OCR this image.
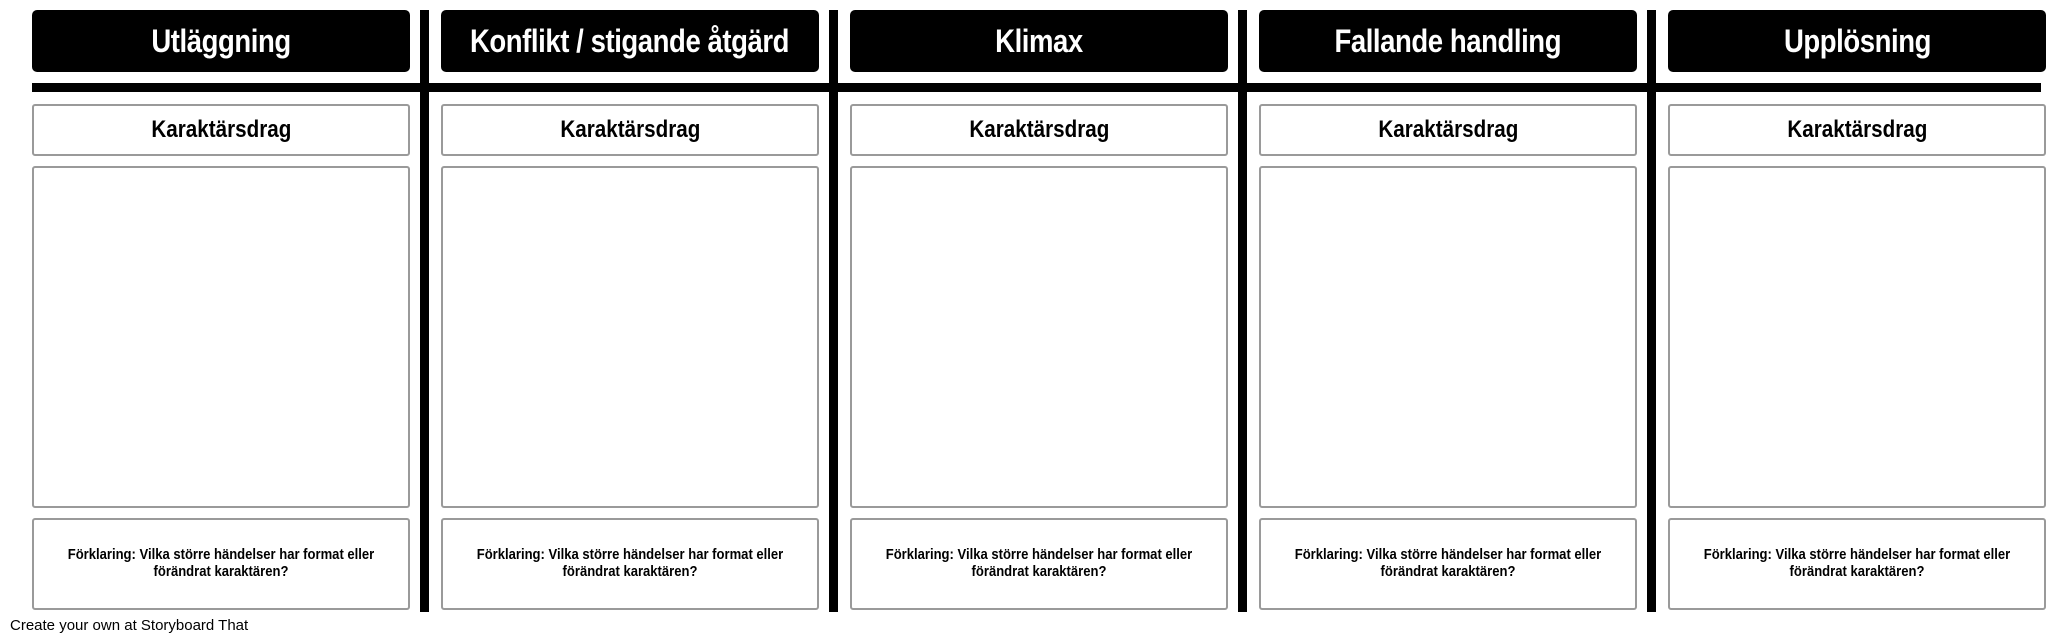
Utläggning
Karaktärsdrag
Förklaring: Vilka större händelser har format eller förändrat karaktären?
Konflikt / stigande åtgärd
Karaktärsdrag
Förklaring: Vilka större händelser har format eller förändrat karaktären?
Klimax
Karaktärsdrag
Förklaring: Vilka större händelser har format eller förändrat karaktären?
Fallande handling
Karaktärsdrag
Förklaring: Vilka större händelser har format eller förändrat karaktären?
Upplösning
Karaktärsdrag
Förklaring: Vilka större händelser har format eller förändrat karaktären?
Create your own at Storyboard That
